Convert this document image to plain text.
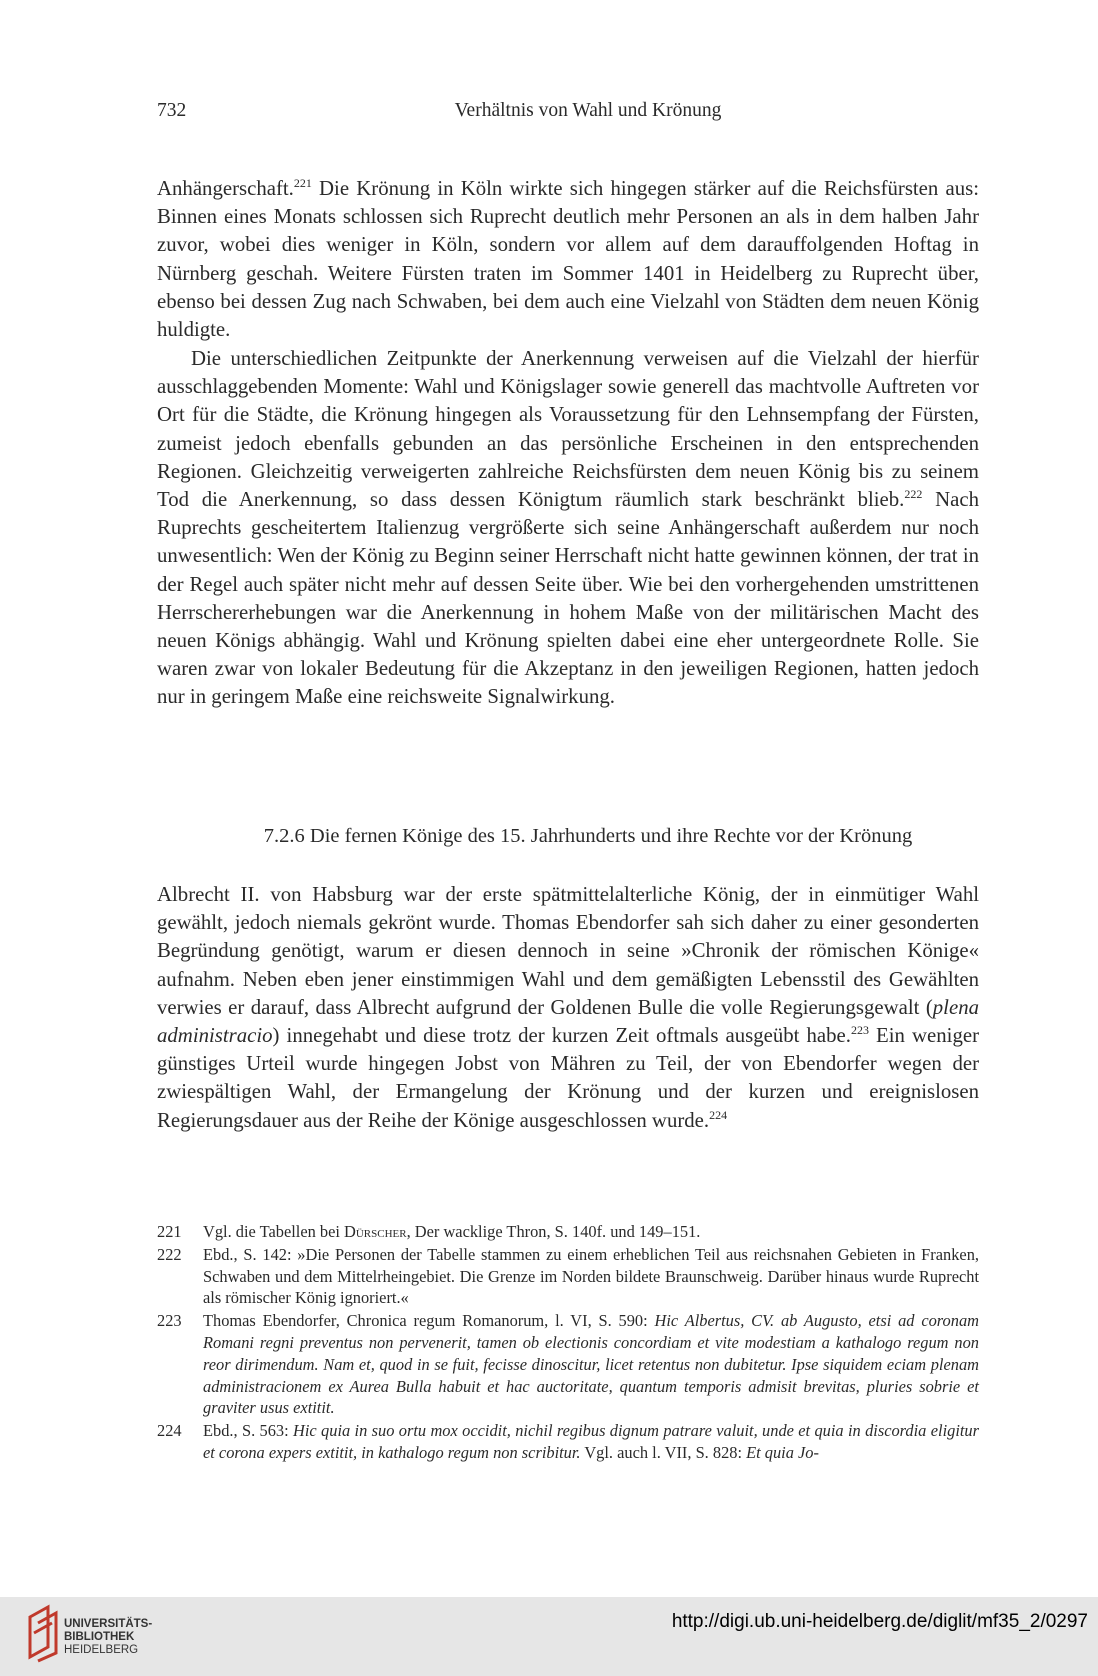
732	Verhältnis von Wahl und Krönung

Anhängerschaft.$^{221}$ Die Krönung in Köln wirkte sich hingegen stärker auf die Reichsfürsten aus: Binnen eines Monats schlossen sich Ruprecht deutlich mehr Personen an als in dem halben Jahr zuvor, wobei dies weniger in Köln, sondern vor allem auf dem darauffolgenden Hoftag in Nürnberg geschah. Weitere Fürsten traten im Sommer 1401 in Heidelberg zu Ruprecht über, ebenso bei dessen Zug nach Schwaben, bei dem auch eine Vielzahl von Städten dem neuen König huldigte.

Die unterschiedlichen Zeitpunkte der Anerkennung verweisen auf die Vielzahl der hierfür ausschlaggebenden Momente: Wahl und Königslager sowie generell das machtvolle Auftreten vor Ort für die Städte, die Krönung hingegen als Voraussetzung für den Lehnsempfang der Fürsten, zumeist jedoch ebenfalls gebunden an das persönliche Erscheinen in den entsprechenden Regionen. Gleichzeitig verweigerten zahlreiche Reichsfürsten dem neuen König bis zu seinem Tod die Anerkennung, so dass dessen Königtum räumlich stark beschränkt blieb.$^{222}$ Nach Ruprechts gescheitertem Italienzug vergrößerte sich seine Anhängerschaft außerdem nur noch unwesentlich: Wen der König zu Beginn seiner Herrschaft nicht hatte gewinnen können, der trat in der Regel auch später nicht mehr auf dessen Seite über. Wie bei den vorhergehenden umstrittenen Herrschererhebungen war die Anerkennung in hohem Maße von der militärischen Macht des neuen Königs abhängig. Wahl und Krönung spielten dabei eine eher untergeordnete Rolle. Sie waren zwar von lokaler Bedeutung für die Akzeptanz in den jeweiligen Regionen, hatten jedoch nur in geringem Maße eine reichsweite Signalwirkung.

7.2.6 Die fernen Könige des 15. Jahrhunderts und ihre Rechte vor der Krönung

Albrecht II. von Habsburg war der erste spätmittelalterliche König, der in einmütiger Wahl gewählt, jedoch niemals gekrönt wurde. Thomas Ebendorfer sah sich daher zu einer gesonderten Begründung genötigt, warum er diesen dennoch in seine »Chronik der römischen Könige« aufnahm. Neben eben jener einstimmigen Wahl und dem gemäßigten Lebensstil des Gewählten verwies er darauf, dass Albrecht aufgrund der Goldenen Bulle die volle Regierungsgewalt (plena administracio) innegehabt und diese trotz der kurzen Zeit oftmals ausgeübt habe.$^{223}$ Ein weniger günstiges Urteil wurde hingegen Jobst von Mähren zu Teil, der von Ebendorfer wegen der zwiespältigen Wahl, der Ermangelung der Krönung und der kurzen und ereignislosen Regierungsdauer aus der Reihe der Könige ausgeschlossen wurde.$^{224}$

221 Vgl. die Tabellen bei Dürscher, Der wacklige Thron, S. 140f. und 149–151.
222 Ebd., S. 142: »Die Personen der Tabelle stammen zu einem erheblichen Teil aus reichsnahen Gebieten in Franken, Schwaben und dem Mittelrheingebiet. Die Grenze im Norden bildete Braunschweig. Darüber hinaus wurde Ruprecht als römischer König ignoriert.«
223 Thomas Ebendorfer, Chronica regum Romanorum, l. VI, S. 590: Hic Albertus, CV. ab Augusto, etsi ad coronam Romani regni preventus non pervenerit, tamen ob electionis concordiam et vite modestiam a kathalogo regum non reor dirimendum. Nam et, quod in se fuit, fecisse dinoscitur, licet retentus non dubitetur. Ipse siquidem eciam plenam administracionem ex Aurea Bulla habuit et hac auctoritate, quantum temporis admisit brevitas, pluries sobrie et graviter usus extitit.
224 Ebd., S. 563: Hic quia in suo ortu mox occidit, nichil regibus dignum patrare valuit, unde et quia in discordia eligitur et corona expers extitit, in kathalogo regum non scribitur. Vgl. auch l. VII, S. 828: Et quia Jo-
UNIVERSITÄTS-
BIBLIOTHEK
HEIDELBERG
http://digi.ub.uni-heidelberg.de/diglit/mf35_2/0297
